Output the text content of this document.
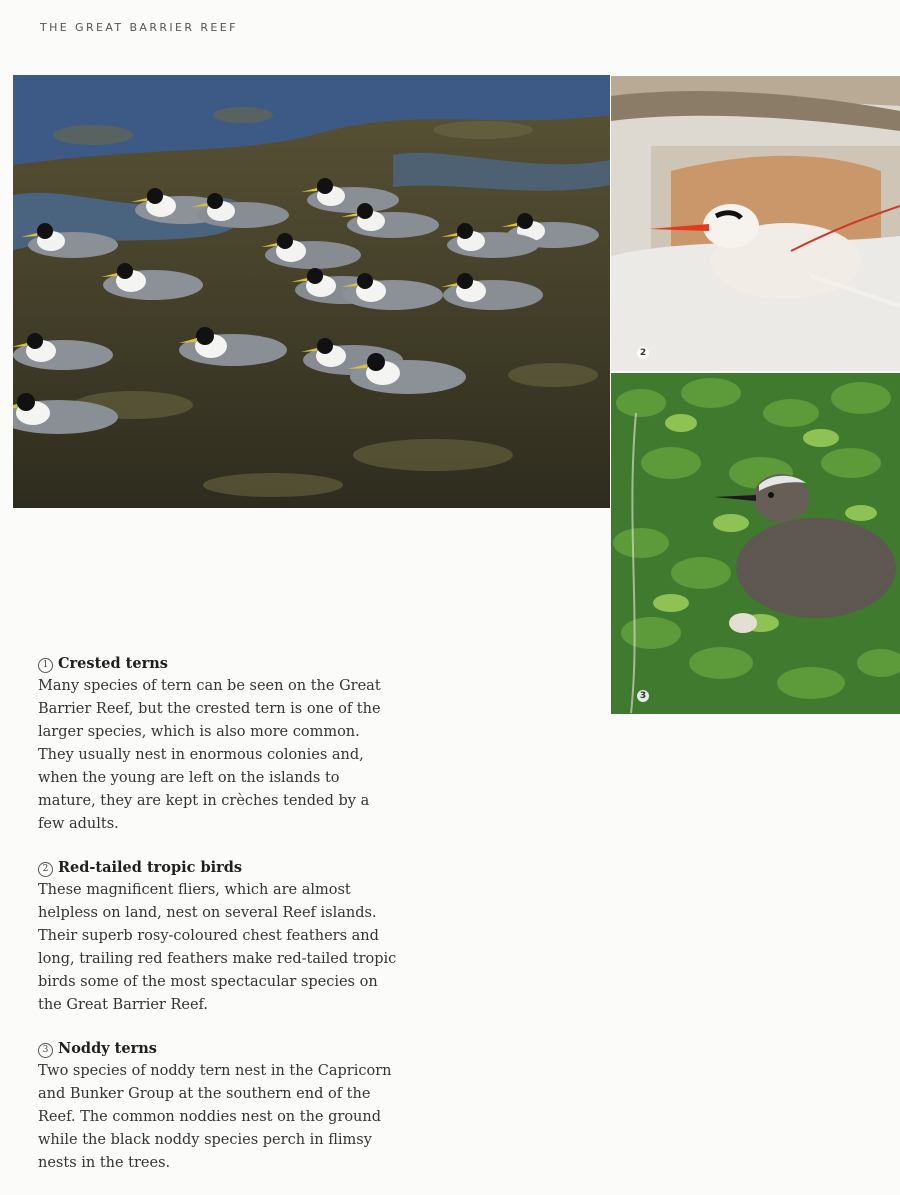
THE GREAT BARRIER REEF
2
3
1 Crested terns
Many species of tern can be seen on the Great Barrier Reef, but the crested tern is one of the larger species, which is also more common. They usually nest in enormous colonies and, when the young are left on the islands to mature, they are kept in crèches tended by a few adults.
2 Red-tailed tropic birds
These magnificent fliers, which are almost helpless on land, nest on several Reef islands. Their superb rosy-coloured chest feathers and long, trailing red feathers make red-tailed tropic birds some of the most spectacular species on the Great Barrier Reef.
3 Noddy terns
Two species of noddy tern nest in the Capricorn and Bunker Group at the southern end of the Reef. The common noddies nest on the ground while the black noddy species perch in flimsy nests in the trees.
